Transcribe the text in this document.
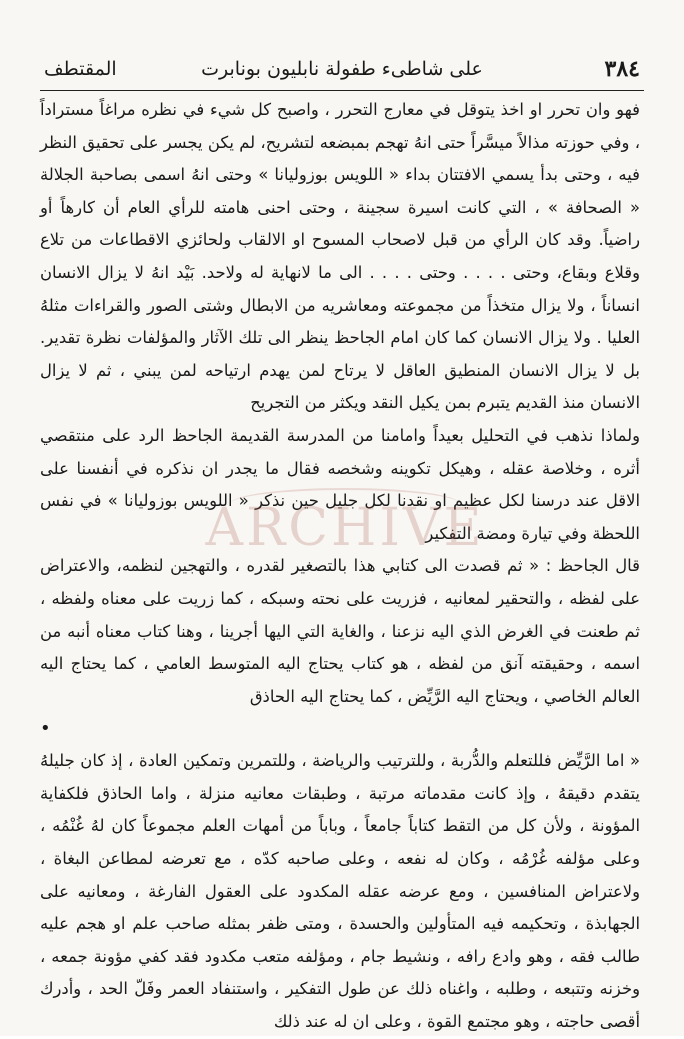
٣٨٤
على شاطىء طفولة نابليون بونابرت
المقتطف

فهو وان تحرر او اخذ يتوقل في معارج التحرر ، واصبح كل شيء في نظره مراغاً مستراداً ، وفي حوزته مذالاً ميسَّراً حتى انهُ تهجم بمبضعه لتشريح، لم يكن يجسر على تحقيق النظر فيه ، وحتى بدأ يسمي الافتتان بداء « اللويس بوزوليانا » وحتى انهُ اسمى بصاحبة الجلالة « الصحافة » ، التي كانت اسيرة سجينة ، وحتى احنى هامته للرأي العام أن كارهاً أو راضياً. وقد كان الرأي من قبل لاصحاب المسوح او الالقاب ولحائزي الاقطاعات من تلاع وقلاع وبقاع، وحتى . . . . وحتى . . . . الى ما لانهاية له ولاحد. بَيْد انهُ لا يزال الانسان انساناً ، ولا يزال متخذاً من مجموعته ومعاشريه من الابطال وشتى الصور والقراءات مثلهُ العليا . ولا يزال الانسان كما كان امام الجاحظ ينظر الى تلك الآثار والمؤلفات نظرة تقدير. بل لا يزال الانسان المنطيق العاقل لا يرتاح لمن يهدم ارتياحه لمن يبني ، ثم لا يزال الانسان منذ القديم يتبرم بمن يكيل النقد ويكثر من التجريح

ولماذا نذهب في التحليل بعيداً وامامنا من المدرسة القديمة الجاحظ الرد على منتقصي أثره ، وخلاصة عقله ، وهيكل تكوينه وشخصه فقال ما يجدر ان نذكره في أنفسنا على الاقل عند درسنا لكل عظيم او نقدنا لكل جليل حين نذكر « اللويس بوزوليانا » في نفس اللحظة وفي تيارة ومضة التفكير

قال الجاحظ : « ثم قصدت الى كتابي هذا بالتصغير لقدره ، والتهجين لنظمه، والاعتراض على لفظه ، والتحقير لمعانيه ، فزريت على نحته وسبكه ، كما زريت على معناه ولفظه ، ثم طعنت في الغرض الذي اليه نزعنا ، والغاية التي اليها أجرينا ، وهنا كتاب معناه أنبه من اسمه ، وحقيقته آنق من لفظه ، هو كتاب يحتاج اليه المتوسط العامي ، كما يحتاج اليه العالم الخاصي ، ويحتاج اليه الرَّيِّض ، كما يحتاج اليه الحاذق

•

« اما الرَّيِّض فللتعلم والدُّربة ، وللترتيب والرياضة ، وللتمرين وتمكين العادة ، إذ كان جليلهُ يتقدم دقيقهُ ، وإذ كانت مقدماته مرتبة ، وطبقات معانيه منزلة ، واما الحاذق فلكفاية المؤونة ، ولأن كل من التقط كتاباً جامعاً ، وباباً من أمهات العلم مجموعاً كان لهُ غُنْمُه ، وعلى مؤلفه غُرْمُه ، وكان له نفعه ، وعلى صاحبه كدّه ، مع تعرضه لمطاعن البغاة ، ولاعتراض المنافسين ، ومع عرضه عقله المكدود على العقول الفارغة ، ومعانيه على الجهابذة ، وتحكيمه فيه المتأولين والحسدة ، ومتى ظفر بمثله صاحب علم او هجم عليه طالب فقه ، وهو وادع رافه ، ونشيط جام ، ومؤلفه متعب مكدود فقد كفي مؤونة جمعه ، وخزنه وتتبعه ، وطلبه ، واغناه ذلك عن طول التفكير ، واستنفاد العمر وفَلّ الحد ، وأدرك أقصى حاجته ، وهو مجتمع القوة ، وعلى ان له عند ذلك

ARCHIVE
